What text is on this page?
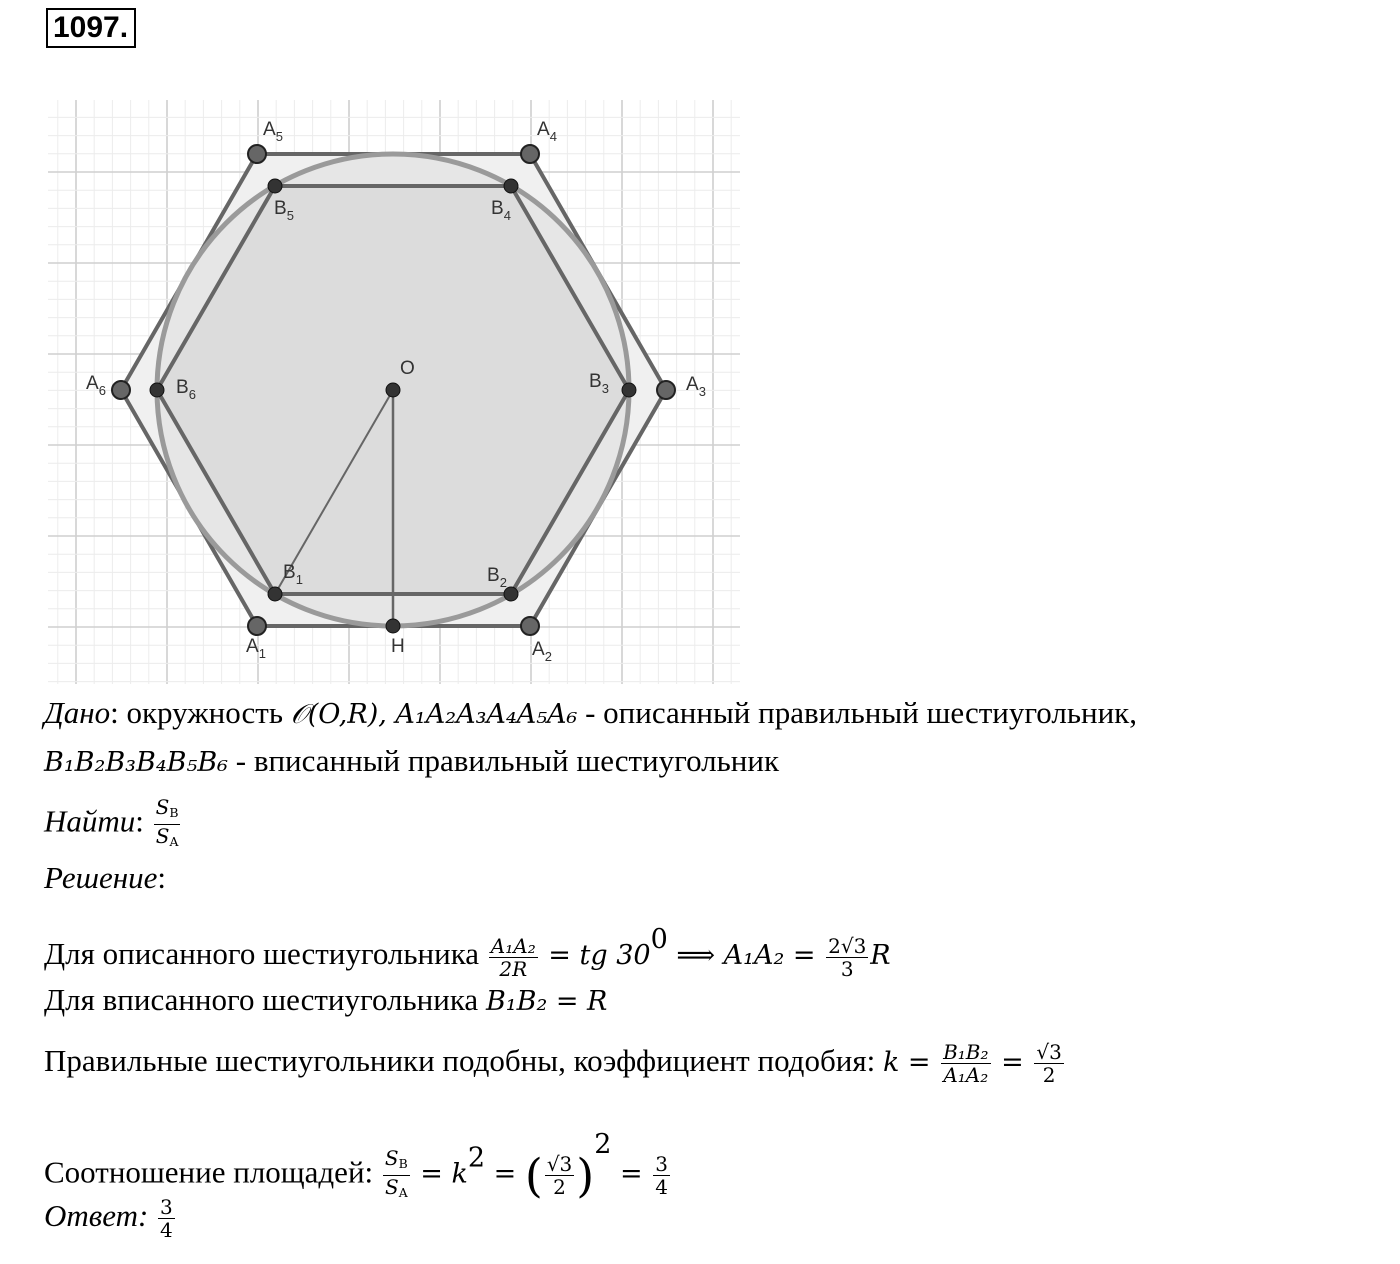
1097.
$A_5$	$A_4$
$B_5$	$B_4$
$A_6$	$B_6$
O
$B_3$	$A_3$
$B_1$	$B_2$
$A_1$	H	$A_2$
Дано: окружность 𝒪(O,R), A₁A₂A₃A₄A₅A₆ - описанный правильный шестиугольник,
B₁B₂B₃B₄B₅B₆ - вписанный правильный шестиугольник
Найти: $\frac{S_B}{S_A}$
Решение:
Для описанного шестиугольника $\frac{\text{A₁A₂}}{2R}$ = tg $30^0$ ⟹ $A_1A_2 = \frac{2√3}{3}$ R
Для вписанного шестиугольника B₁B₂ = R
Правильные шестиугольники подобны, коэффициент подобия: $k = \frac{\text{B₁B₂}}{\text{A₁A₂}} = \frac{√3}{2}$
Соотношение площадей: $\frac{S_B}{S_A} = k^2$ = ( $\frac{√3}{2} )^2 = \frac{3}{4}$
Ответ: $\frac{3}{4}$
